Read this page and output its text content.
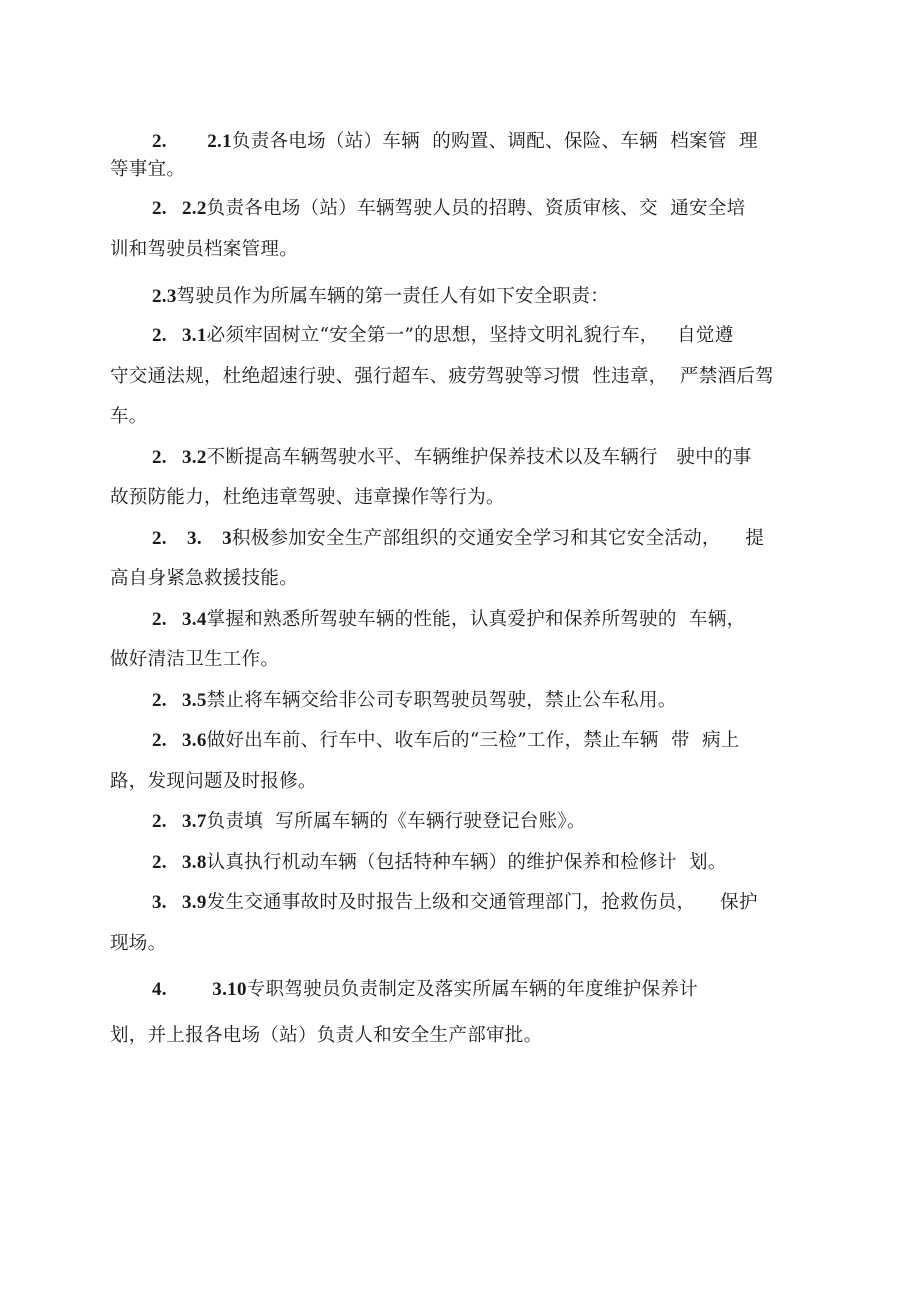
2.        2.1负责各电场（站）车辆  的购置、调配、保险、车辆  档案管  理
等事宜。
2.   2.2负责各电场（站）车辆驾驶人员的招聘、资质审核、交  通安全培
训和驾驶员档案管理。
2.3驾驶员作为所属车辆的第一责任人有如下安全职责：
2.   3.1必须牢固树立“安全第一”的思想，坚持文明礼貌行车，   自觉遵
守交通法规，杜绝超速行驶、强行超车、疲劳驾驶等习惯  性违章，  严禁酒后驾
车。
2.   3.2不断提高车辆驾驶水平、车辆维护保养技术以及车辆行   驶中的事
故预防能力，杜绝违章驾驶、违章操作等行为。
2.    3.    3积极参加安全生产部组织的交通安全学习和其它安全活动，    提
高自身紧急救援技能。
2.   3.4掌握和熟悉所驾驶车辆的性能，认真爱护和保养所驾驶的  车辆，
做好清洁卫生工作。
2.   3.5禁止将车辆交给非公司专职驾驶员驾驶，禁止公车私用。
2.   3.6做好出车前、行车中、收车后的“三检”工作，禁止车辆  带  病上
路，发现问题及时报修。
2.   3.7负责填  写所属车辆的《车辆行驶登记台账》。
2.   3.8认真执行机动车辆（包括特种车辆）的维护保养和检修计  划。
3.   3.9发生交通事故时及时报告上级和交通管理部门，抢救伤员，    保护
现场。
4.         3.10专职驾驶员负责制定及落实所属车辆的年度维护保养计
划，并上报各电场（站）负责人和安全生产部审批。
